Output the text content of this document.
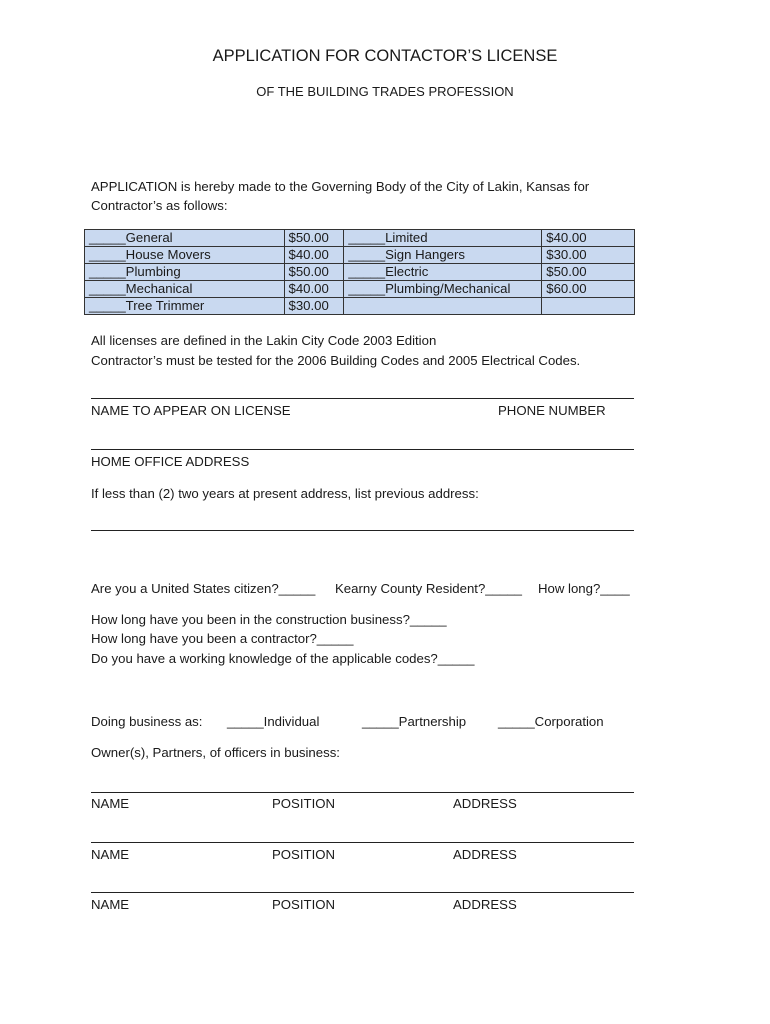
APPLICATION FOR CONTACTOR’S LICENSE
OF THE BUILDING TRADES PROFESSION
APPLICATION is hereby made to the Governing Body of the City of Lakin, Kansas for
Contractor’s as follows:
_____General	$50.00	_____Limited	$40.00
_____House Movers	$40.00	_____Sign Hangers	$30.00
_____Plumbing	$50.00	_____Electric	$50.00
_____Mechanical	$40.00	_____Plumbing/Mechanical	$60.00
_____Tree Trimmer	$30.00		
All licenses are defined in the Lakin City Code 2003 Edition
Contractor’s must be tested for the 2006 Building Codes and 2005 Electrical Codes.
NAME TO APPEAR ON LICENSE	PHONE NUMBER
HOME OFFICE ADDRESS
If less than (2) two years at present address, list previous address:
Are you a United States citizen?_____ Kearny County Resident?_____ How long?____
How long have you been in the construction business?_____
How long have you been a contractor?_____
Do you have a working knowledge of the applicable codes?_____
Doing business as: _____Individual	_____Partnership _____Corporation
Owner(s), Partners, of officers in business:
NAME	POSITION	ADDRESS
NAME	POSITION	ADDRESS
NAME	POSITION	ADDRESS
